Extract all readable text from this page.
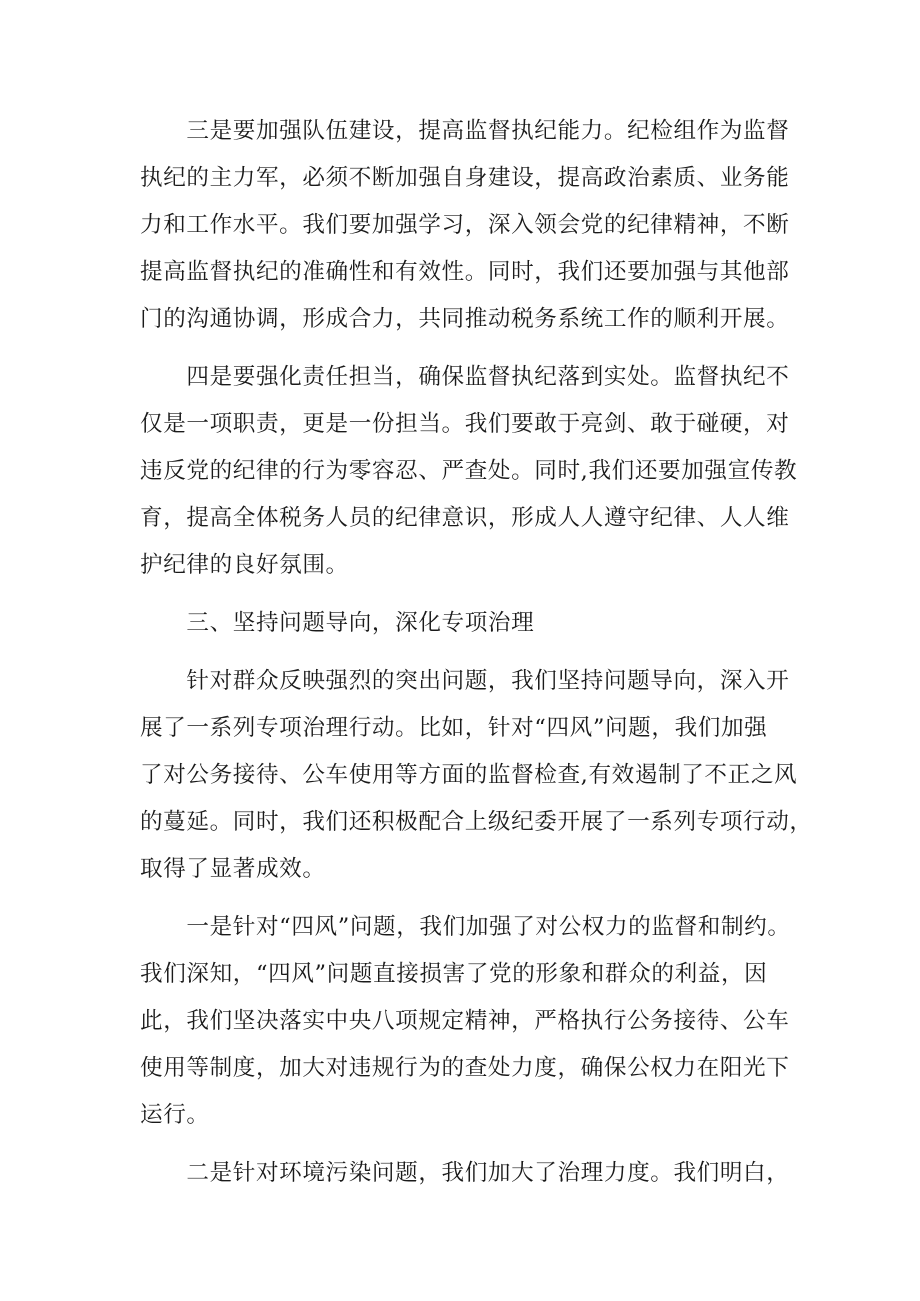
　　三是要加强队伍建设，提高监督执纪能力。纪检组作为监督
执纪的主力军，必须不断加强自身建设，提高政治素质、业务能
力和工作水平。我们要加强学习，深入领会党的纪律精神，不断
提高监督执纪的准确性和有效性。同时，我们还要加强与其他部
门的沟通协调，形成合力，共同推动税务系统工作的顺利开展。
　　四是要强化责任担当，确保监督执纪落到实处。监督执纪不
仅是一项职责，更是一份担当。我们要敢于亮剑、敢于碰硬，对
违反党的纪律的行为零容忍、严查处。同时,我们还要加强宣传教
育，提高全体税务人员的纪律意识，形成人人遵守纪律、人人维
护纪律的良好氛围。
　　三、坚持问题导向，深化专项治理
　　针对群众反映强烈的突出问题，我们坚持问题导向，深入开
展了一系列专项治理行动。比如，针对“四风”问题，我们加强
了对公务接待、公车使用等方面的监督检查,有效遏制了不正之风
的蔓延。同时，我们还积极配合上级纪委开展了一系列专项行动，
取得了显著成效。
　　一是针对“四风”问题，我们加强了对公权力的监督和制约。
我们深知，“四风”问题直接损害了党的形象和群众的利益，因
此，我们坚决落实中央八项规定精神，严格执行公务接待、公车
使用等制度，加大对违规行为的查处力度，确保公权力在阳光下
运行。
　　二是针对环境污染问题，我们加大了治理力度。我们明白，
